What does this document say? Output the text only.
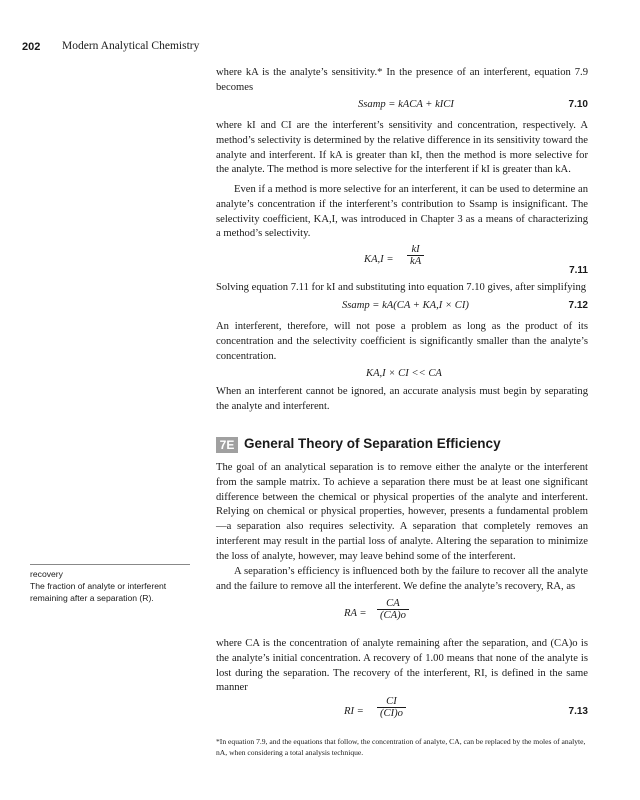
202 Modern Analytical Chemistry

where kA is the analyte’s sensitivity.* In the presence of an interferent, equation 7.9 becomes

Ssamp = kACA + kICI	7.10

where kI and CI are the interferent’s sensitivity and concentration, respectively. A method’s selectivity is determined by the relative difference in its sensitivity toward the analyte and interferent. If kA is greater than kI, then the method is more selective for the analyte. The method is more selective for the interferent if kI is greater than kA.

Even if a method is more selective for an interferent, it can be used to determine an analyte’s concentration if the interferent’s contribution to Ssamp is insignificant. The selectivity coefficient, KA,I, was introduced in Chapter 3 as a means of characterizing a method’s selectivity.

$KA,I = \frac{kI}{kA}$
7.11

Solving equation 7.11 for kI and substituting into equation 7.10 gives, after simplifying

Ssamp = kA(CA + KA,I × CI)	7.12

An interferent, therefore, will not pose a problem as long as the product of its concentration and the selectivity coefficient is significantly smaller than the analyte’s concentration.

KA,I × CI << CA

When an interferent cannot be ignored, an accurate analysis must begin by separating the analyte and interferent.

7E General Theory of Separation Efficiency

The goal of an analytical separation is to remove either the analyte or the interferent from the sample matrix. To achieve a separation there must be at least one significant difference between the chemical or physical properties of the analyte and interferent. Relying on chemical or physical properties, however, presents a fundamental problem—a separation also requires selectivity. A separation that completely removes an interferent may result in the partial loss of analyte. Altering the separation to minimize the loss of analyte, however, may leave behind some of the interferent.

A separation’s efficiency is influenced both by the failure to recover all the analyte and the failure to remove all the interferent. We define the analyte’s recovery, RA, as

recovery
The fraction of analyte or interferent remaining after a separation (R).
RA = $\frac{CA}{(CA)o}$

where CA is the concentration of analyte remaining after the separation, and (CA)o is the analyte’s initial concentration. A recovery of 1.00 means that none of the analyte is lost during the separation. The recovery of the interferent, RI, is defined in the same manner

RI = $\frac{CI}{(CI)o}$	7.13
*In equation 7.9, and the equations that follow, the concentration of analyte, CA, can be replaced by the moles of analyte, nA, when considering a total analysis technique.
